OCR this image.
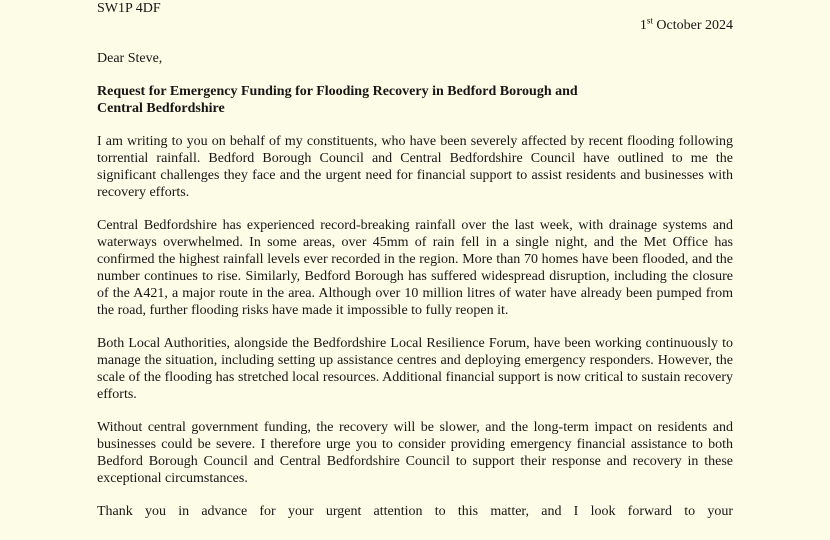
SW1P 4DF
1st October 2024
Dear Steve,
Request for Emergency Funding for Flooding Recovery in Bedford Borough and
Central Bedfordshire

I am writing to you on behalf of my constituents, who have been severely affected by recent flooding following torrential rainfall. Bedford Borough Council and Central Bedfordshire Council have outlined to me the significant challenges they face and the urgent need for financial support to assist residents and businesses with recovery efforts.

Central Bedfordshire has experienced record-breaking rainfall over the last week, with drainage systems and waterways overwhelmed. In some areas, over 45mm of rain fell in a single night, and the Met Office has confirmed the highest rainfall levels ever recorded in the region. More than 70 homes have been flooded, and the number continues to rise. Similarly, Bedford Borough has suffered widespread disruption, including the closure of the A421, a major route in the area. Although over 10 million litres of water have already been pumped from the road, further flooding risks have made it impossible to fully reopen it.

Both Local Authorities, alongside the Bedfordshire Local Resilience Forum, have been working continuously to manage the situation, including setting up assistance centres and deploying emergency responders. However, the scale of the flooding has stretched local resources. Additional financial support is now critical to sustain recovery efforts.

Without central government funding, the recovery will be slower, and the long-term impact on residents and businesses could be severe. I therefore urge you to consider providing emergency financial assistance to both Bedford Borough Council and Central Bedfordshire Council to support their response and recovery in these exceptional circumstances.

Thank you in advance for your urgent attention to this matter, and I look forward to your
